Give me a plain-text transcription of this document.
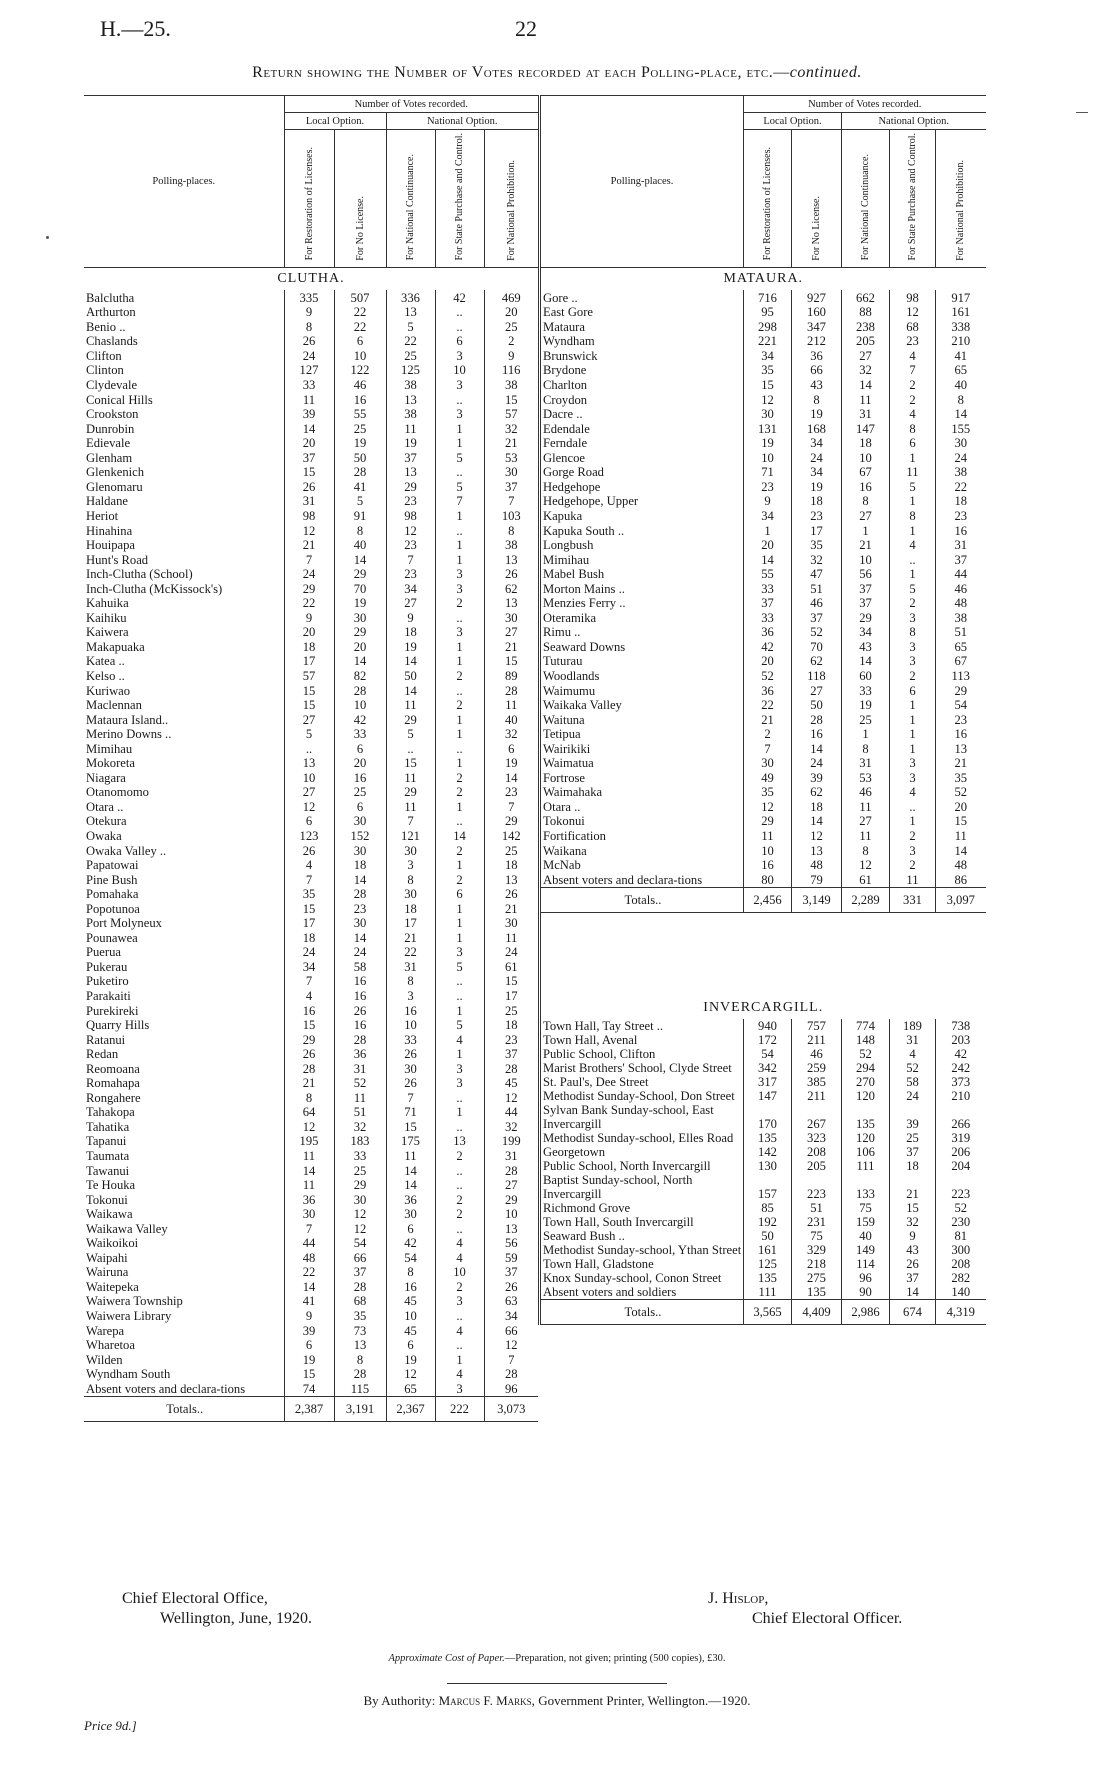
H.—25.	22
Return showing the Number of Votes recorded at each Polling-place, etc.—continued.
Polling-places.	Number of Votes recorded.				
	Local Option.		National Option.		
	For Restoration of Licenses.	For No License.	For National Continuance.	For State Purchase and Control.	For National Prohibition.
CLUTHA.					
Balclutha	335	507	336	42	469
Arthurton	9	22	13	..	20
Benio ..	8	22	5	..	25
Chaslands	26	6	22	6	2
Clifton	24	10	25	3	9
Clinton	127	122	125	10	116
Clydevale	33	46	38	3	38
Conical Hills	11	16	13	..	15
Crookston	39	55	38	3	57
Dunrobin	14	25	11	1	32
Edievale	20	19	19	1	21
Glenham	37	50	37	5	53
Glenkenich	15	28	13	..	30
Glenomaru	26	41	29	5	37
Haldane	31	5	23	7	7
Heriot	98	91	98	1	103
Hinahina	12	8	12	..	8
Houipapa	21	40	23	1	38
Hunt's Road	7	14	7	1	13
Inch-Clutha (School)	24	29	23	3	26
Inch-Clutha (McKissock's)	29	70	34	3	62
Kahuika	22	19	27	2	13
Kaihiku	9	30	9	..	30
Kaiwera	20	29	18	3	27
Makapuaka	18	20	19	1	21
Katea ..	17	14	14	1	15
Kelso ..	57	82	50	2	89
Kuriwao	15	28	14	..	28
Maclennan	15	10	11	2	11
Mataura Island..	27	42	29	1	40
Merino Downs ..	5	33	5	1	32
Mimihau	..	6	..	..	6
Mokoreta	13	20	15	1	19
Niagara	10	16	11	2	14
Otanomomo	27	25	29	2	23
Otara ..	12	6	11	1	7
Otekura	6	30	7	..	29
Owaka	123	152	121	14	142
Owaka Valley ..	26	30	30	2	25
Papatowai	4	18	3	1	18
Pine Bush	7	14	8	2	13
Pomahaka	35	28	30	6	26
Popotunoa	15	23	18	1	21
Port Molyneux	17	30	17	1	30
Pounawea	18	14	21	1	11
Puerua	24	24	22	3	24
Pukerau	34	58	31	5	61
Puketiro	7	16	8	..	15
Parakaiti	4	16	3	..	17
Purekireki	16	26	16	1	25
Quarry Hills	15	16	10	5	18
Ratanui	29	28	33	4	23
Redan	26	36	26	1	37
Reomoana	28	31	30	3	28
Romahapa	21	52	26	3	45
Rongahere	8	11	7	..	12
Tahakopa	64	51	71	1	44
Tahatika	12	32	15	..	32
Tapanui	195	183	175	13	199
Taumata	11	33	11	2	31
Tawanui	14	25	14	..	28
Te Houka	11	29	14	..	27
Tokonui	36	30	36	2	29
Waikawa	30	12	30	2	10
Waikawa Valley	7	12	6	..	13
Waikoikoi	44	54	42	4	56
Waipahi	48	66	54	4	59
Wairuna	22	37	8	10	37
Waitepeka	14	28	16	2	26
Waiwera Township	41	68	45	3	63
Waiwera Library	9	35	10	..	34
Warepa	39	73	45	4	66
Wharetoa	6	13	6	..	12
Wilden	19	8	19	1	7
Wyndham South	15	28	12	4	28
Absent voters and declara-tions	74	115	65	3	96
Totals..	2,387	3,191	2,367	222	3,073
Polling-places.	Number of Votes recorded.				
	Local Option.		National Option.		
	For Restoration of Licenses.	For No License.	For National Continuance.	For State Purchase and Control.	For National Prohibition.
MATAURA.					
Gore ..	716	927	662	98	917
East Gore	95	160	88	12	161
Mataura	298	347	238	68	338
Wyndham	221	212	205	23	210
Brunswick	34	36	27	4	41
Brydone	35	66	32	7	65
Charlton	15	43	14	2	40
Croydon	12	8	11	2	8
Dacre ..	30	19	31	4	14
Edendale	131	168	147	8	155
Ferndale	19	34	18	6	30
Glencoe	10	24	10	1	24
Gorge Road	71	34	67	11	38
Hedgehope	23	19	16	5	22
Hedgehope, Upper	9	18	8	1	18
Kapuka	34	23	27	8	23
Kapuka South ..	1	17	1	1	16
Longbush	20	35	21	4	31
Mimihau	14	32	10	..	37
Mabel Bush	55	47	56	1	44
Morton Mains ..	33	51	37	5	46
Menzies Ferry ..	37	46	37	2	48
Oteramika	33	37	29	3	38
Rimu ..	36	52	34	8	51
Seaward Downs	42	70	43	3	65
Tuturau	20	62	14	3	67
Woodlands	52	118	60	2	113
Waimumu	36	27	33	6	29
Waikaka Valley	22	50	19	1	54
Waituna	21	28	25	1	23
Tetipua	2	16	1	1	16
Wairikiki	7	14	8	1	13
Waimatua	30	24	31	3	21
Fortrose	49	39	53	3	35
Waimahaka	35	62	46	4	52
Otara ..	12	18	11	..	20
Tokonui	29	14	27	1	15
Fortification	11	12	11	2	11
Waikana	10	13	8	3	14
McNab	16	48	12	2	48
Absent voters and declara-tions	80	79	61	11	86
Totals..	2,456	3,149	2,289	331	3,097

INVERCARGILL.					
Town Hall, Tay Street ..	940	757	774	189	738
Town Hall, Avenal	172	211	148	31	203
Public School, Clifton	54	46	52	4	42
Marist Brothers' School, Clyde Street	342	259	294	52	242
St. Paul's, Dee Street	317	385	270	58	373
Methodist Sunday-School, Don Street	147	211	120	24	210
Sylvan Bank Sunday-school, East Invercargill	170	267	135	39	266
Methodist Sunday-school, Elles Road	135	323	120	25	319
Georgetown	142	208	106	37	206
Public School, North Invercargill	130	205	111	18	204
Baptist Sunday-school, North Invercargill	157	223	133	21	223
Richmond Grove	85	51	75	15	52
Town Hall, South Invercargill	192	231	159	32	230
Seaward Bush ..	50	75	40	9	81
Methodist Sunday-school, Ythan Street	161	329	149	43	300
Town Hall, Gladstone	125	218	114	26	208
Knox Sunday-school, Conon Street	135	275	96	37	282
Absent voters and soldiers	111	135	90	14	140
Totals..	3,565	4,409	2,986	674	4,319
Chief Electoral Office,
Wellington, June, 1920.
J. Hislop,
Chief Electoral Officer.
Approximate Cost of Paper.—Preparation, not given; printing (500 copies), £30.
By Authority: Marcus F. Marks, Government Printer, Wellington.—1920.
Price 9d.]
